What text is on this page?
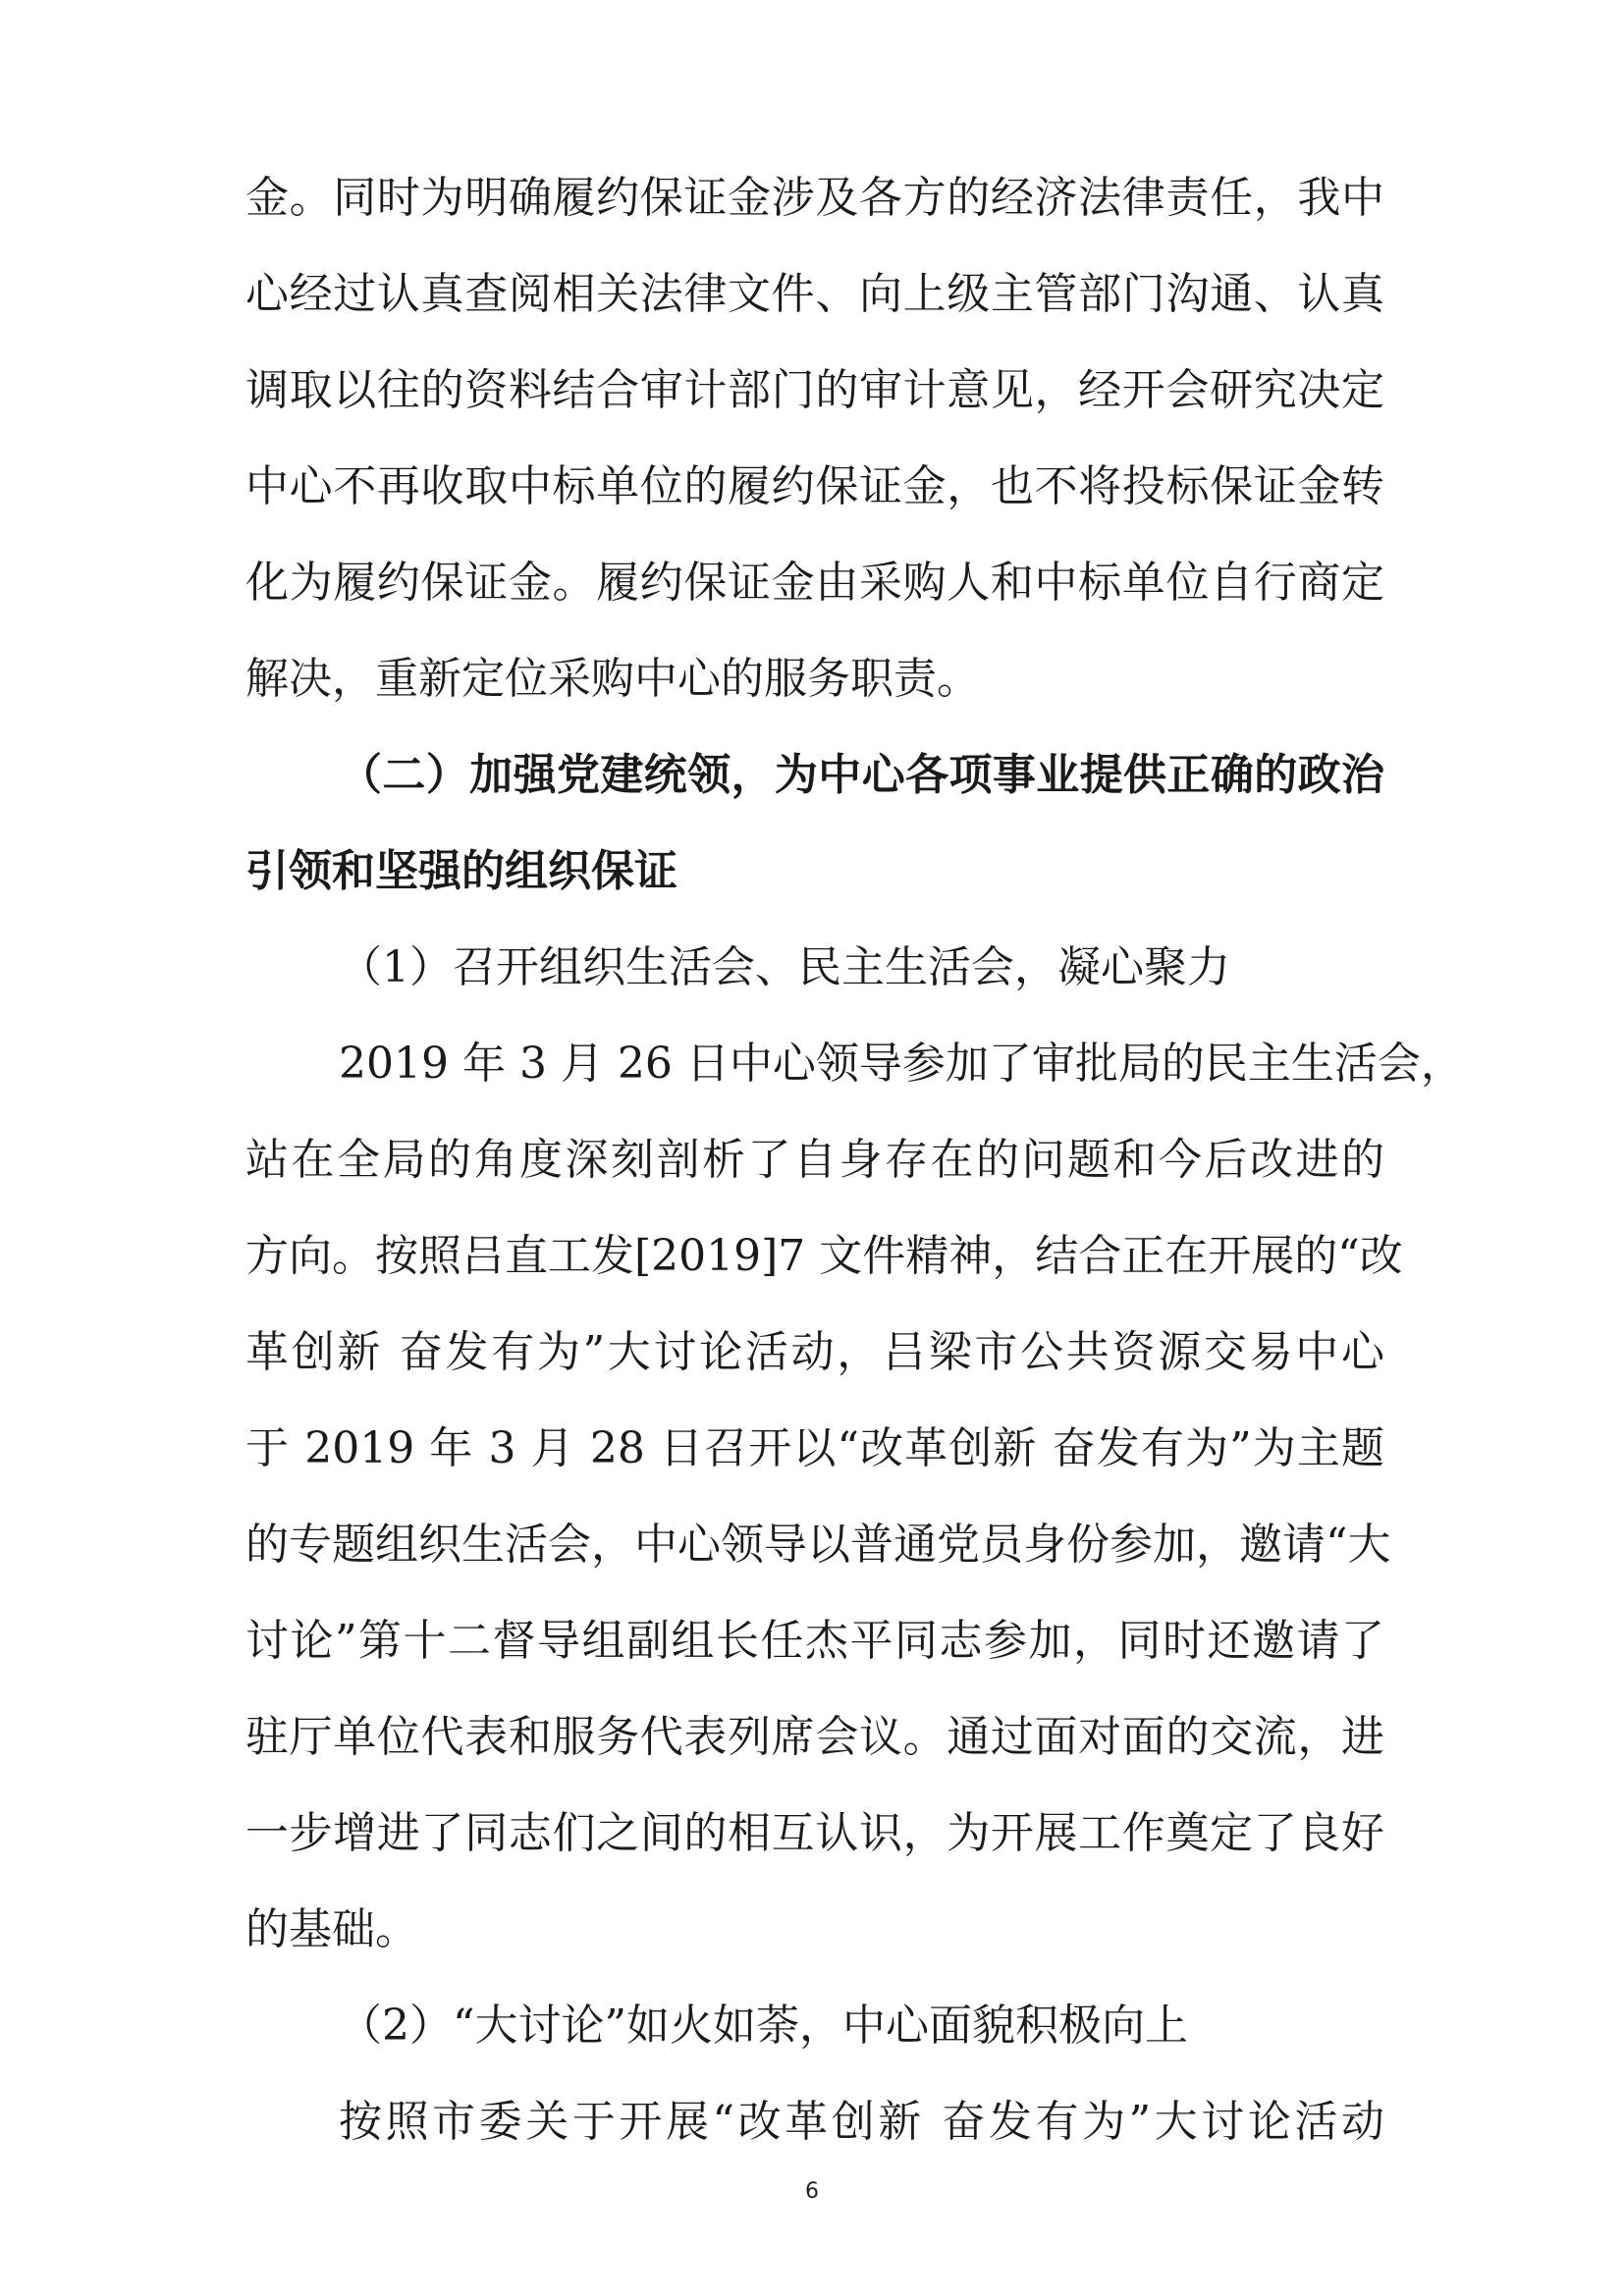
金。同时为明确履约保证金涉及各方的经济法律责任，我中
心经过认真查阅相关法律文件、向上级主管部门沟通、认真
调取以往的资料结合审计部门的审计意见，经开会研究决定
中心不再收取中标单位的履约保证金，也不将投标保证金转
化为履约保证金。履约保证金由采购人和中标单位自行商定
解决，重新定位采购中心的服务职责。
（二）加强党建统领，为中心各项事业提供正确的政治
引领和坚强的组织保证
（1）召开组织生活会、民主生活会，凝心聚力
2019 年 3 月 26 日中心领导参加了审批局的民主生活会，
站在全局的角度深刻剖析了自身存在的问题和今后改进的
方向。按照吕直工发[2019]7 文件精神，结合正在开展的“改
革创新 奋发有为”大讨论活动，吕梁市公共资源交易中心
于 2019 年 3 月 28 日召开以“改革创新 奋发有为”为主题
的专题组织生活会，中心领导以普通党员身份参加，邀请“大
讨论”第十二督导组副组长任杰平同志参加，同时还邀请了
驻厅单位代表和服务代表列席会议。通过面对面的交流，进
一步增进了同志们之间的相互认识，为开展工作奠定了良好
的基础。
（2）“大讨论”如火如荼，中心面貌积极向上
按照市委关于开展“改革创新 奋发有为”大讨论活动
6
